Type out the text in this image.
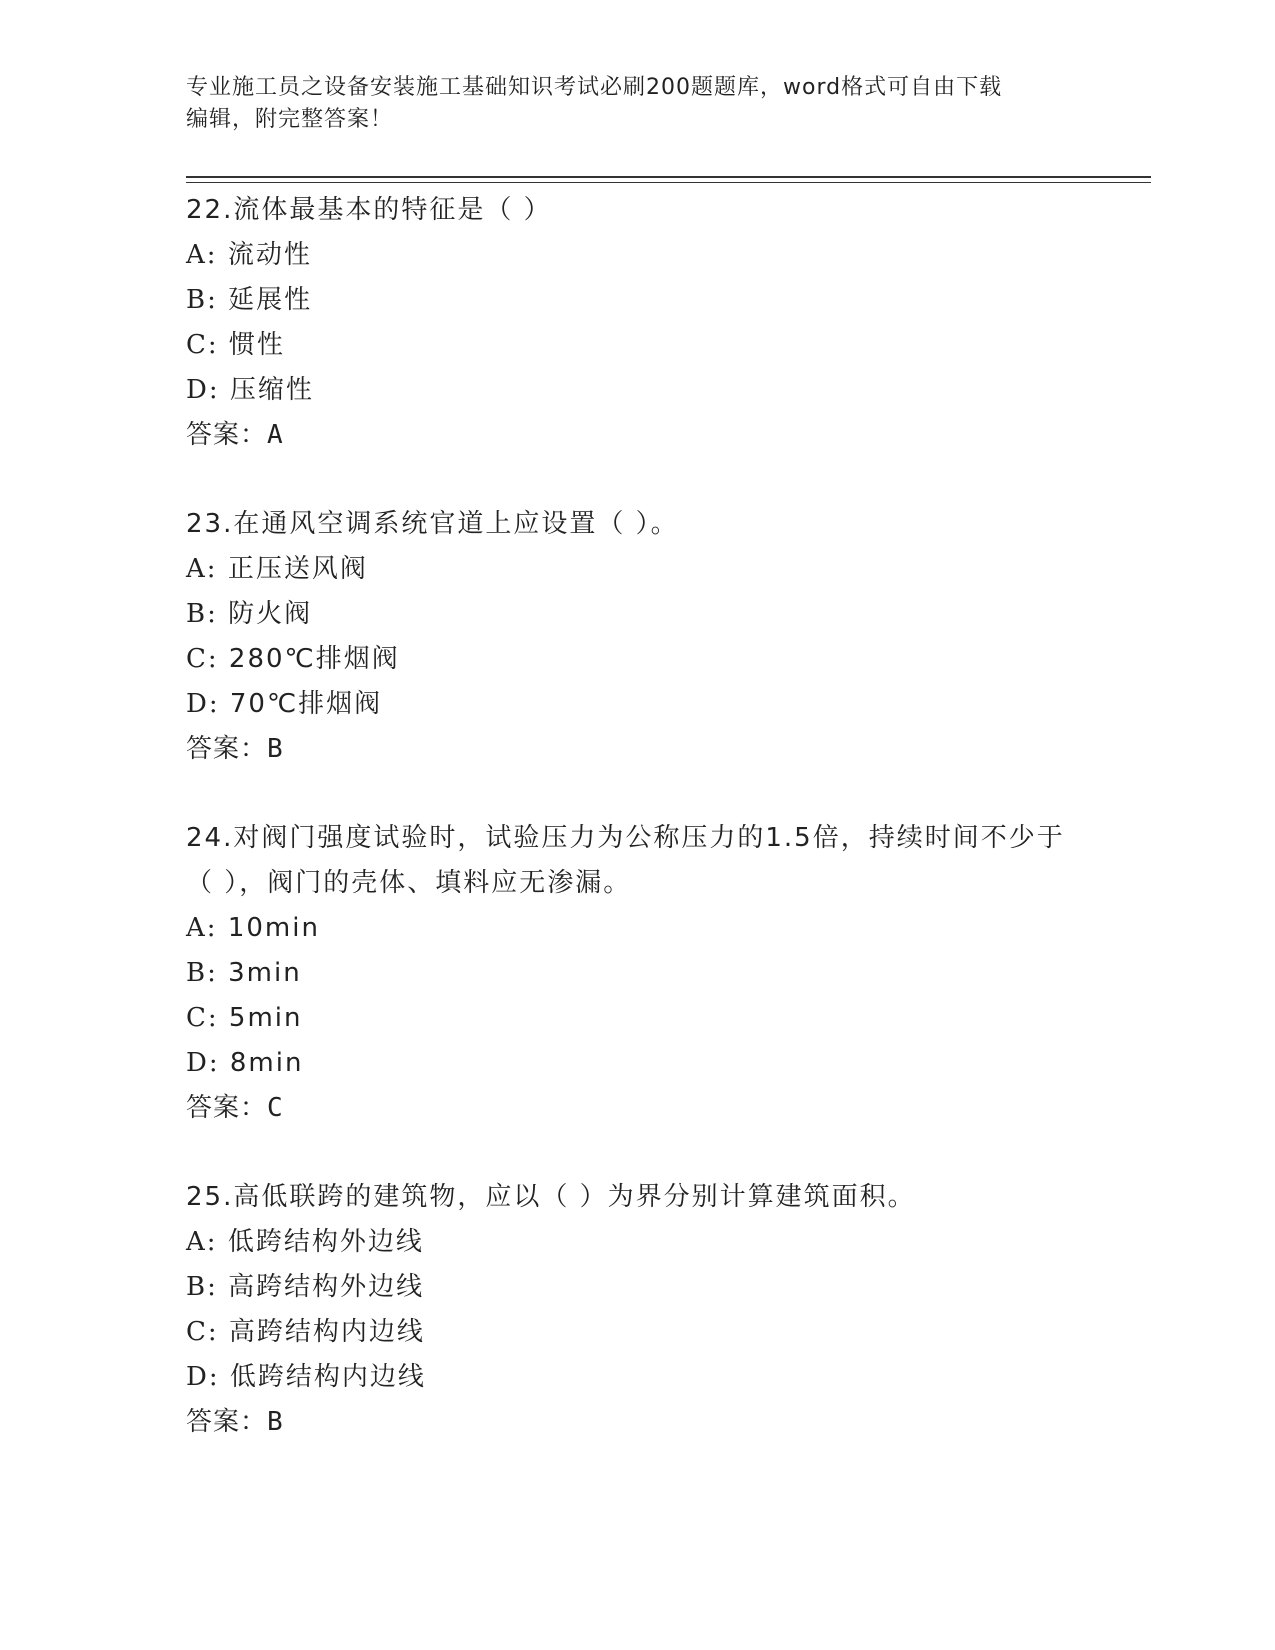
专业施工员之设备安装施工基础知识考试必刷200题题库，word格式可自由下载
编辑，附完整答案！

22.流体最基本的特征是（ ）

A: 流动性

B: 延展性

C: 惯性

D: 压缩性

答案：A

23.在通风空调系统官道上应设置（ ）。

A: 正压送风阀

B: 防火阀

C: 280℃排烟阀

D: 70℃排烟阀

答案：B

24.对阀门强度试验时，试验压力为公称压力的1.5倍，持续时间不少于（ ），阀门的壳体、填料应无渗漏。

A: 10min

B: 3min

C: 5min

D: 8min

答案：C

25.高低联跨的建筑物，应以（ ）为界分别计算建筑面积。

A: 低跨结构外边线

B: 高跨结构外边线

C: 高跨结构内边线

D: 低跨结构内边线

答案：B
